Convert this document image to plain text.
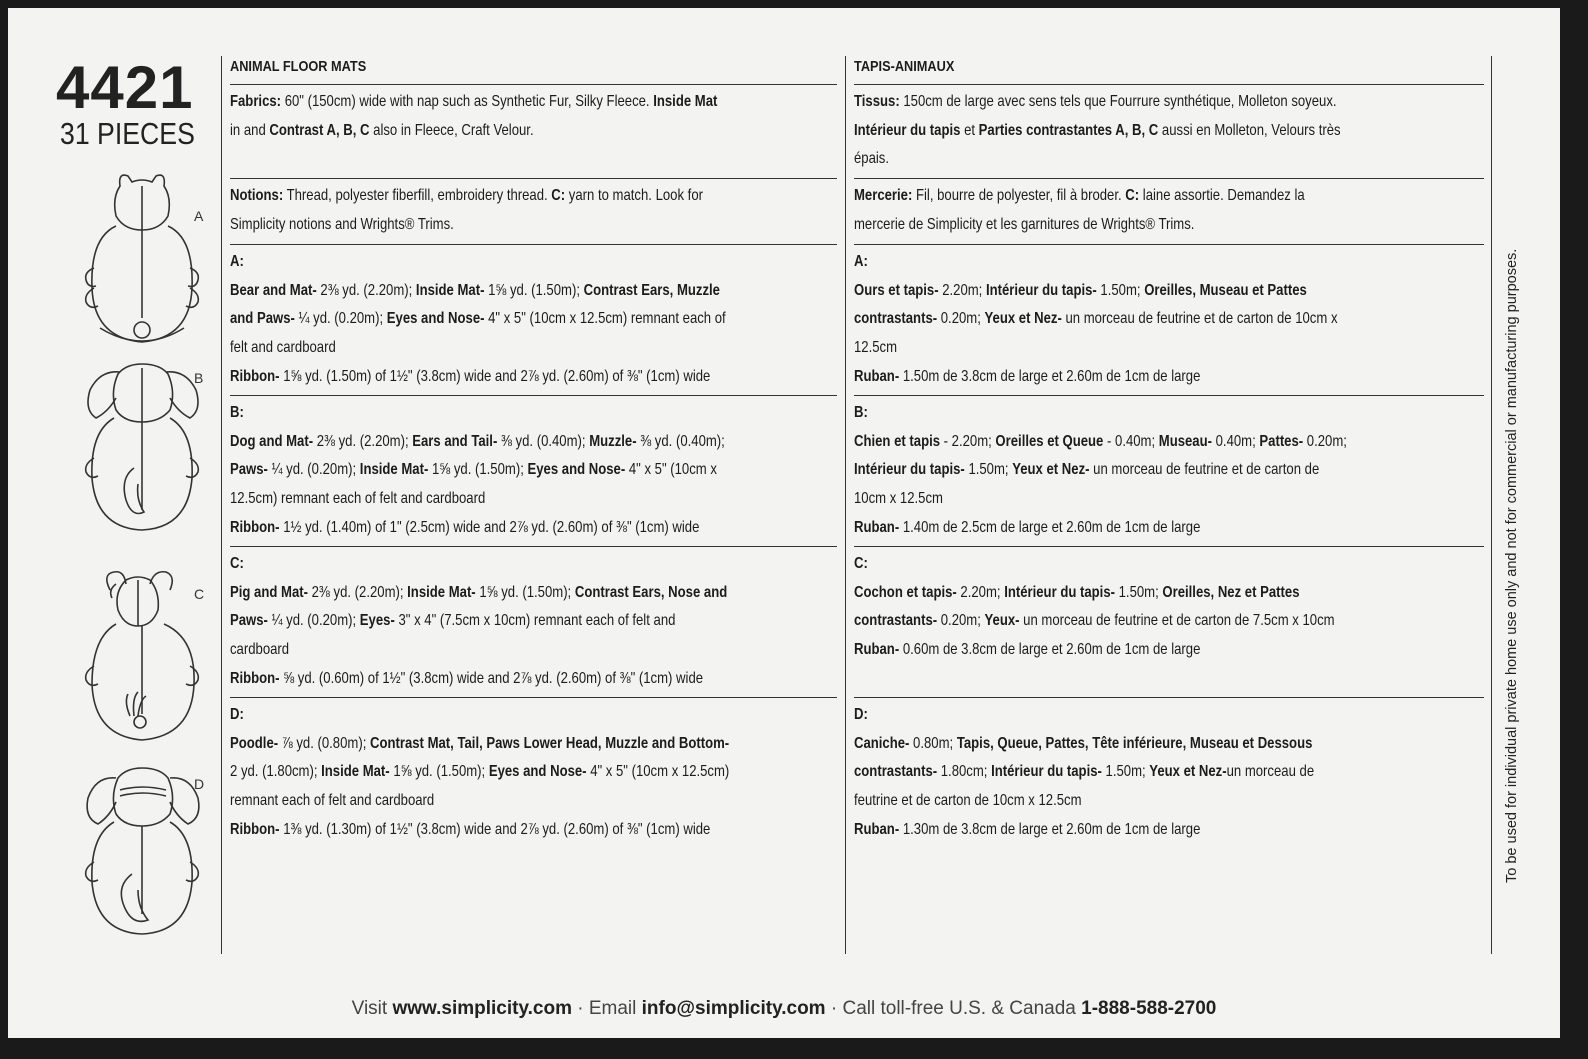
4421
31 PIECES
A
B
C
D
ANIMAL FLOOR MATS
Fabrics: 60" (150cm) wide with nap such as Synthetic Fur, Silky Fleece. Inside Mat
in and Contrast A, B, C also in Fleece, Craft Velour.
Notions: Thread, polyester fiberfill, embroidery thread. C: yarn to match. Look for
Simplicity notions and Wrights® Trims.
A:
Bear and Mat- 2⅜ yd. (2.20m); Inside Mat- 1⅝ yd. (1.50m); Contrast Ears, Muzzle
and Paws- ¼ yd. (0.20m); Eyes and Nose- 4" x 5" (10cm x 12.5cm) remnant each of
felt and cardboard
Ribbon- 1⅝ yd. (1.50m) of 1½" (3.8cm) wide and 2⅞ yd. (2.60m) of ⅜" (1cm) wide
B:
Dog and Mat- 2⅜ yd. (2.20m); Ears and Tail- ⅜ yd. (0.40m); Muzzle- ⅜ yd. (0.40m);
Paws- ¼ yd. (0.20m); Inside Mat- 1⅝ yd. (1.50m); Eyes and Nose- 4" x 5" (10cm x
12.5cm) remnant each of felt and cardboard
Ribbon- 1½ yd. (1.40m) of 1" (2.5cm) wide and 2⅞ yd. (2.60m) of ⅜" (1cm) wide
C:
Pig and Mat- 2⅜ yd. (2.20m); Inside Mat- 1⅝ yd. (1.50m); Contrast Ears, Nose and
Paws- ¼ yd. (0.20m); Eyes- 3" x 4" (7.5cm x 10cm) remnant each of felt and
cardboard
Ribbon- ⅝ yd. (0.60m) of 1½" (3.8cm) wide and 2⅞ yd. (2.60m) of ⅜" (1cm) wide
D:
Poodle- ⅞ yd. (0.80m); Contrast Mat, Tail, Paws Lower Head, Muzzle and Bottom-
2 yd. (1.80cm); Inside Mat- 1⅝ yd. (1.50m); Eyes and Nose- 4" x 5" (10cm x 12.5cm)
remnant each of felt and cardboard
Ribbon- 1⅜ yd. (1.30m) of 1½" (3.8cm) wide and 2⅞ yd. (2.60m) of ⅜" (1cm) wide
TAPIS-ANIMAUX
Tissus: 150cm de large avec sens tels que Fourrure synthétique, Molleton soyeux.
Intérieur du tapis et Parties contrastantes A, B, C aussi en Molleton, Velours très
épais.
Mercerie: Fil, bourre de polyester, fil à broder. C: laine assortie. Demandez la
mercerie de Simplicity et les garnitures de Wrights® Trims.
A:
Ours et tapis- 2.20m; Intérieur du tapis- 1.50m; Oreilles, Museau et Pattes
contrastants- 0.20m; Yeux et Nez- un morceau de feutrine et de carton de 10cm x
12.5cm
Ruban- 1.50m de 3.8cm de large et 2.60m de 1cm de large
B:
Chien et tapis - 2.20m; Oreilles et Queue - 0.40m; Museau- 0.40m; Pattes- 0.20m;
Intérieur du tapis- 1.50m; Yeux et Nez- un morceau de feutrine et de carton de
10cm x 12.5cm
Ruban- 1.40m de 2.5cm de large et 2.60m de 1cm de large
C:
Cochon et tapis- 2.20m; Intérieur du tapis- 1.50m; Oreilles, Nez et Pattes
contrastants- 0.20m; Yeux- un morceau de feutrine et de carton de 7.5cm x 10cm
Ruban- 0.60m de 3.8cm de large et 2.60m de 1cm de large
D:
Caniche- 0.80m; Tapis, Queue, Pattes, Tête inférieure, Museau et Dessous
contrastants- 1.80cm; Intérieur du tapis- 1.50m; Yeux et Nez-un morceau de
feutrine et de carton de 10cm x 12.5cm
Ruban- 1.30m de 3.8cm de large et 2.60m de 1cm de large	To be used for individual private home use only and not for commercial or manufacturing purposes.
Visit www.simplicity.com · Email info@simplicity.com · Call toll-free U.S. & Canada 1-888-588-2700
